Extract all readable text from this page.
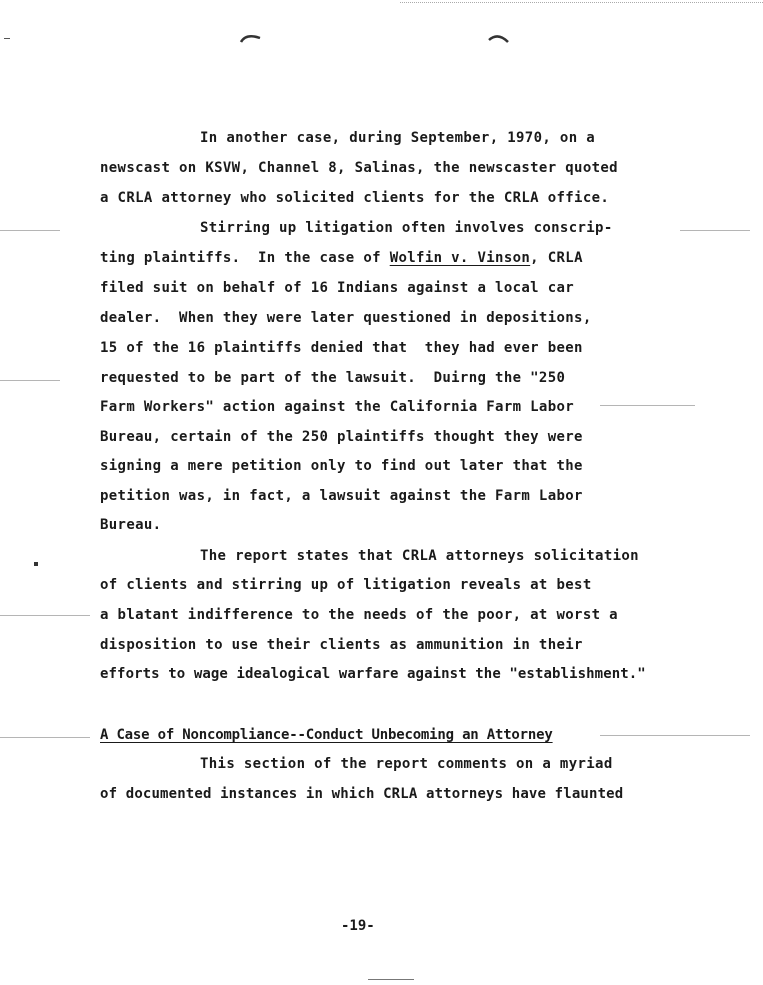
In another case, during September, 1970, on a
newscast on KSVW, Channel 8, Salinas, the newscaster quoted
a CRLA attorney who solicited clients for the CRLA office.
Stirring up litigation often involves conscrip-
ting plaintiffs.  In the case of Wolfin v. Vinson, CRLA
filed suit on behalf of 16 Indians against a local car
dealer.  When they were later questioned in depositions,
15 of the 16 plaintiffs denied that  they had ever been
requested to be part of the lawsuit.  Duirng the "250
Farm Workers" action against the California Farm Labor
Bureau, certain of the 250 plaintiffs thought they were
signing a mere petition only to find out later that the
petition was, in fact, a lawsuit against the Farm Labor
Bureau.
The report states that CRLA attorneys solicitation
of clients and stirring up of litigation reveals at best
a blatant indifference to the needs of the poor, at worst a
disposition to use their clients as ammunition in their
efforts to wage idealogical warfare against the "establishment."
A Case of Noncompliance--Conduct Unbecoming an Attorney
This section of the report comments on a myriad
of documented instances in which CRLA attorneys have flaunted
-19-
